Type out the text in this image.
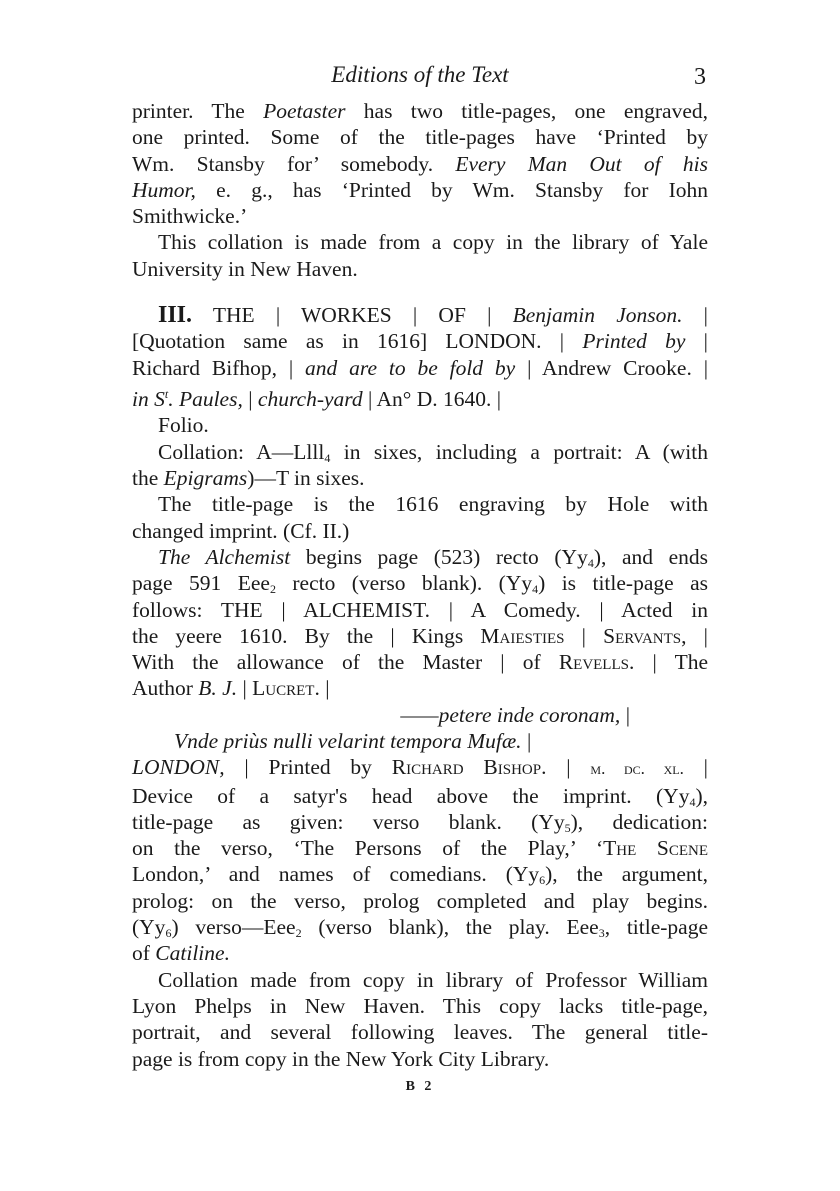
Editions of the Text	3
printer. The Poetaster has two title-pages, one engraved,
one printed. Some of the title-pages have ‘Printed by
Wm. Stansby for’ somebody. Every Man Out of his
Humor, e. g., has ‘Printed by Wm. Stansby for Iohn
Smithwicke.’
This collation is made from a copy in the library of Yale
University in New Haven.
III. THE | WORKES | OF | Benjamin Jonson. |
[Quotation same as in 1616] LONDON. | Printed by |
Richard Bifhop, | and are to be fold by | Andrew Crooke. |
in $S^t$. Paules, | church-yard | An° D. 1640. |
Folio.
Collation: A—Llll$_4$ in sixes, including a portrait: A (with
the Epigrams)—T in sixes.
The title-page is the 1616 engraving by Hole with
changed imprint. (Cf. II.)
The Alchemist begins page (523) recto $(Yy_4)$, and ends
page 591 Eee$_2$ recto (verso blank). $(Yy_4)$ is title-page as
follows: THE | ALCHEMIST. | A Comedy. | Acted in
the yeere 1610. By the | Kings Maiesties | Servants, |
With the allowance of the Master | of Revells. | The
Author B. J. | Lucret. |
——petere inde coronam, |
Vnde priùs nulli velarint tempora Mufæ. |
LONDON, | Printed by Richard Bishop. | m. dc. xl. |
Device of a satyr's head above the imprint. $(Yy_4)$,
title-page as given: verso blank. $(Yy_5)$, dedication:
on the verso, ‘The Persons of the Play,’ ‘The Scene
London,’ and names of comedians. $(Yy_6)$, the argument,
prolog: on the verso, prolog completed and play begins.
$(Yy_6)$ verso—Eee$_2$ (verso blank), the play. Eee$_3$, title-page
of Catiline.
Collation made from copy in library of Professor William
Lyon Phelps in New Haven. This copy lacks title-page,
portrait, and several following leaves. The general title-
page is from copy in the New York City Library.
B 2
